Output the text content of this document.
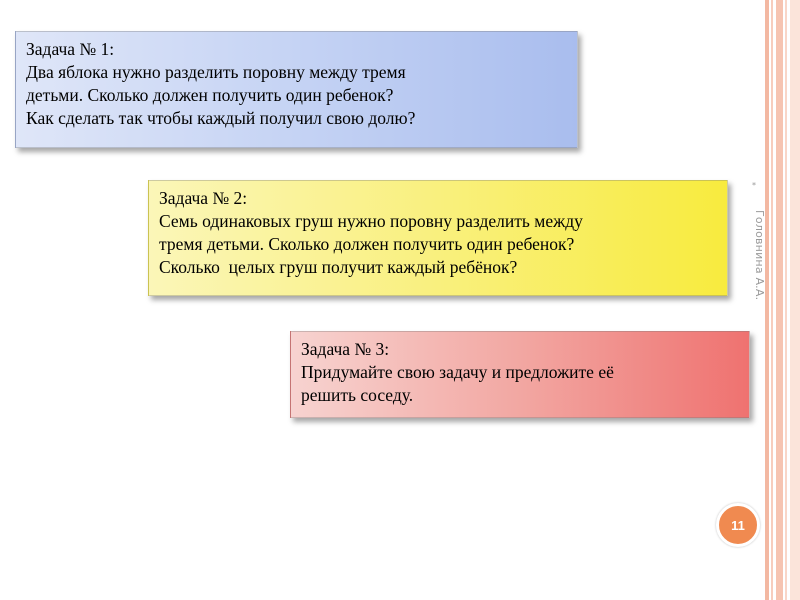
*
Головнина А.А.
Задача № 1:
Два яблока нужно разделить поровну между тремя
детьми. Сколько должен получить один ребенок?
Как сделать так чтобы каждый получил свою долю?
Задача № 2:
Семь одинаковых груш нужно поровну разделить между
тремя детьми. Сколько должен получить один ребенок?
Сколько  целых груш получит каждый ребёнок?
Задача № 3:
Придумайте свою задачу и предложите её
решить соседу.
11
